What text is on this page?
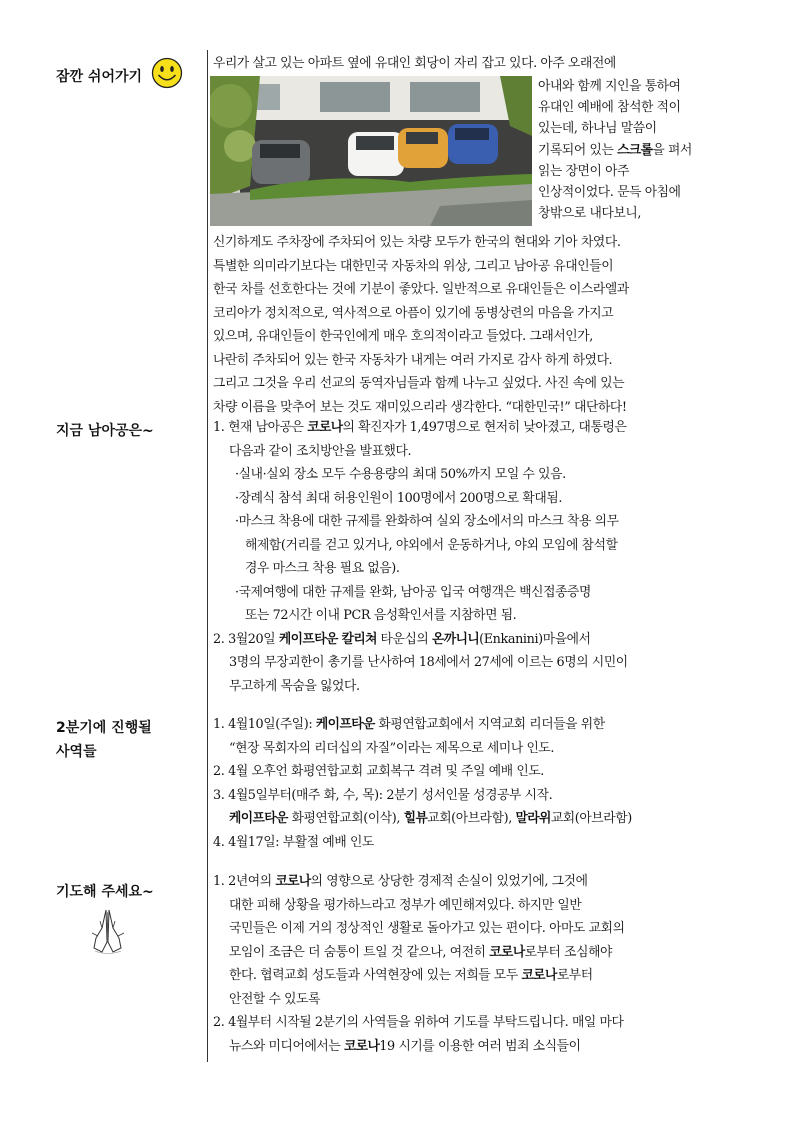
잠깐 쉬어가기
지금 남아공은~
2분기에 진행될
사역들
기도해 주세요~

우리가 살고 있는 아파트 옆에 유대인 회당이 자리 잡고 있다. 아주 오래전에

아내와 함께 지인을 통하여
유대인 예배에 참석한 적이
있는데, 하나님 말씀이
기록되어 있는 스크롤을 펴서
읽는 장면이 아주
인상적이었다. 문득 아침에
창밖으로 내다보니,

신기하게도 주차장에 주차되어 있는 차량 모두가 한국의 현대와 기아 차였다.

특별한 의미라기보다는 대한민국 자동차의 위상, 그리고 남아공 유대인들이

한국 차를 선호한다는 것에 기분이 좋았다. 일반적으로 유대인들은 이스라엘과

코리아가 정치적으로, 역사적으로 아픔이 있기에 동병상련의 마음을 가지고

있으며, 유대인들이 한국인에게 매우 호의적이라고 들었다. 그래서인가,

나란히 주차되어 있는 한국 자동차가 내게는 여러 가지로 감사 하게 하였다.

그리고 그것을 우리 선교의 동역자님들과 함께 나누고 싶었다. 사진 속에 있는

차량 이름을 맞추어 보는 것도 재미있으리라 생각한다. “대한민국!” 대단하다!

1. 현재 남아공은 코로나의 확진자가 1,497명으로 현저히 낮아졌고, 대통령은
다음과 같이 조치방안을 발표했다.
·실내·실외 장소 모두 수용용량의 최대 50%까지 모일 수 있음.
·장례식 참석 최대 허용인원이 100명에서 200명으로 확대됨.
·마스크 착용에 대한 규제를 완화하여 실외 장소에서의 마스크 착용 의무
해제함(거리를 걷고 있거나, 야외에서 운동하거나, 야외 모임에 참석할
경우 마스크 착용 필요 없음).
·국제여행에 대한 규제를 완화, 남아공 입국 여행객은 백신접종증명
또는 72시간 이내 PCR 음성확인서를 지참하면 됨.
2. 3월20일 케이프타운 칼리쳐 타운십의 온까니니(Enkanini)마을에서
3명의 무장괴한이 총기를 난사하여 18세에서 27세에 이르는 6명의 시민이
무고하게 목숨을 잃었다.
1. 4월10일(주일): 케이프타운 화평연합교회에서 지역교회 리더들을 위한
“현장 목회자의 리더십의 자질”이라는 제목으로 세미나 인도.
2. 4월 오후언 화평연합교회 교회복구 격려 및 주일 예배 인도.
3. 4월5일부터(매주 화, 수, 목): 2분기 성서인물 성경공부 시작.
케이프타운 화평연합교회(이삭), 힐뷰교회(아브라함), 말라위교회(아브라함)
4. 4월17일: 부활절 예배 인도
1. 2년여의 코로나의 영향으로 상당한 경제적 손실이 있었기에, 그것에
대한 피해 상황을 평가하느라고 정부가 예민해져있다. 하지만 일반
국민들은 이제 거의 정상적인 생활로 돌아가고 있는 편이다. 아마도 교회의
모임이 조금은 더 숨통이 트일 것 같으나, 여전히 코로나로부터 조심해야
한다. 협력교회 성도들과 사역현장에 있는 저희들 모두 코로나로부터
안전할 수 있도록
2. 4월부터 시작될 2분기의 사역들을 위하여 기도를 부탁드립니다. 매일 마다
뉴스와 미디어에서는 코로나19 시기를 이용한 여러 범죄 소식들이
